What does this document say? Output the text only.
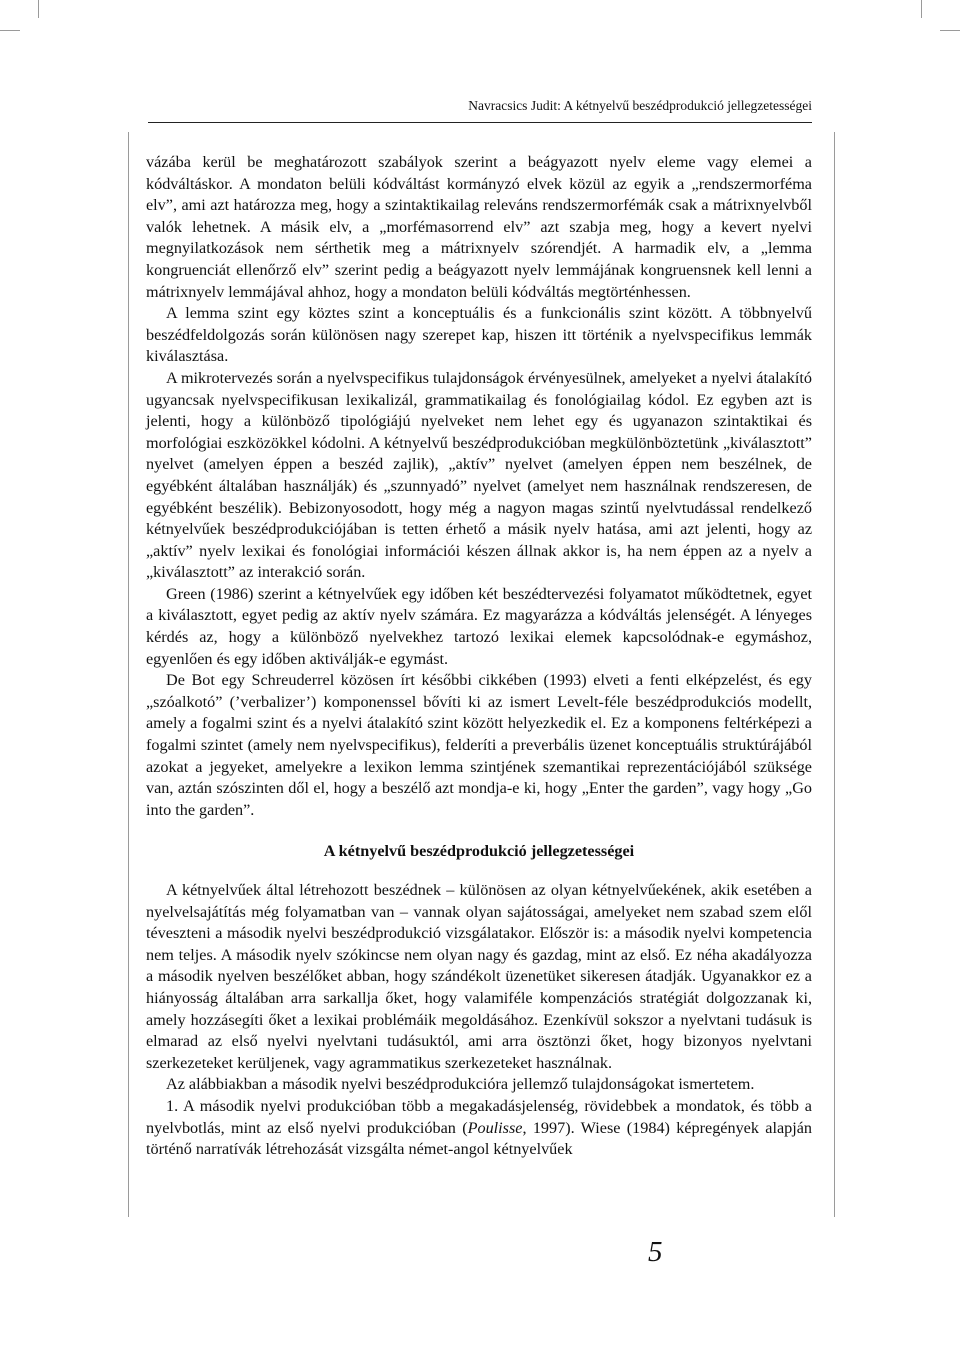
Navracsics Judit: A kétnyelvű beszédprodukció jellegzetességei

vázába kerül be meghatározott szabályok szerint a beágyazott nyelv eleme vagy elemei a kódváltáskor. A mondaton belüli kódváltást kormányzó elvek közül az egyik a „rendszermorféma elv”, ami azt határozza meg, hogy a szintaktikailag releváns rendszermorfémák csak a mátrixnyelvből valók lehetnek. A másik elv, a „morfémasorrend elv” azt szabja meg, hogy a kevert nyelvi megnyilatkozások nem sérthetik meg a mátrixnyelv szórendjét. A harmadik elv, a „lemma kongruenciát ellenőrző elv” szerint pedig a beágyazott nyelv lemmájának kongruensnek kell lenni a mátrixnyelv lemmájával ahhoz, hogy a mondaton belüli kódváltás megtörténhessen.

A lemma szint egy köztes szint a konceptuális és a funkcionális szint között. A többnyelvű beszédfeldolgozás során különösen nagy szerepet kap, hiszen itt történik a nyelvspecifikus lemmák kiválasztása.

A mikrotervezés során a nyelvspecifikus tulajdonságok érvényesülnek, amelyeket a nyelvi átalakító ugyancsak nyelvspecifikusan lexikalizál, grammatikailag és fonológiailag kódol. Ez egyben azt is jelenti, hogy a különböző tipológiájú nyelveket nem lehet egy és ugyanazon szintaktikai és morfológiai eszközökkel kódolni. A kétnyelvű beszédprodukcióban megkülönböztetünk „kiválasztott” nyelvet (amelyen éppen a beszéd zajlik), „aktív” nyelvet (amelyen éppen nem beszélnek, de egyébként általában használják) és „szunnyadó” nyelvet (amelyet nem használnak rendszeresen, de egyébként beszélik). Bebizonyosodott, hogy még a nagyon magas szintű nyelvtudással rendelkező kétnyelvűek beszédprodukciójában is tetten érhető a másik nyelv hatása, ami azt jelenti, hogy az „aktív” nyelv lexikai és fonológiai információi készen állnak akkor is, ha nem éppen az a nyelv a „kiválasztott” az interakció során.

Green (1986) szerint a kétnyelvűek egy időben két beszédtervezési folyamatot működtetnek, egyet a kiválasztott, egyet pedig az aktív nyelv számára. Ez magyarázza a kódváltás jelenségét. A lényeges kérdés az, hogy a különböző nyelvekhez tartozó lexikai elemek kapcsolódnak-e egymáshoz, egyenlően és egy időben aktiválják-e egymást.

De Bot egy Schreuderrel közösen írt későbbi cikkében (1993) elveti a fenti elképzelést, és egy „szóalkotó” (’verbalizer’) komponenssel bővíti ki az ismert Levelt-féle beszédprodukciós modellt, amely a fogalmi szint és a nyelvi átalakító szint között helyezkedik el. Ez a komponens feltérképezi a fogalmi szintet (amely nem nyelvspecifikus), felderíti a preverbális üzenet konceptuális struktúrájából azokat a jegyeket, amelyekre a lexikon lemma szintjének szemantikai reprezentációjából szüksége van, aztán szószinten dől el, hogy a beszélő azt mondja-e ki, hogy „Enter the garden”, vagy hogy „Go into the garden”.

A kétnyelvű beszédprodukció jellegzetességei

A kétnyelvűek által létrehozott beszédnek – különösen az olyan kétnyelvűekének, akik esetében a nyelvelsajátítás még folyamatban van – vannak olyan sajátosságai, amelyeket nem szabad szem elől téveszteni a második nyelvi beszédprodukció vizsgálatakor. Először is: a második nyelvi kompetencia nem teljes. A második nyelv szókincse nem olyan nagy és gazdag, mint az első. Ez néha akadályozza a második nyelven beszélőket abban, hogy szándékolt üzenetüket sikeresen átadják. Ugyanakkor ez a hiányosság általában arra sarkallja őket, hogy valamiféle kompenzációs stratégiát dolgozzanak ki, amely hozzásegíti őket a lexikai problémáik megoldásához. Ezenkívül sokszor a nyelvtani tudásuk is elmarad az első nyelvi nyelvtani tudásuktól, ami arra ösztönzi őket, hogy bizonyos nyelvtani szerkezeteket kerüljenek, vagy agrammatikus szerkezeteket használnak.

Az alábbiakban a második nyelvi beszédprodukcióra jellemző tulajdonságokat ismertetem.

1. A második nyelvi produkcióban több a megakadásjelenség, rövidebbek a mondatok, és több a nyelvbotlás, mint az első nyelvi produkcióban (Poulisse, 1997). Wiese (1984) képregények alapján történő narratívák létrehozását vizsgálta német-angol kétnyelvűek

5
